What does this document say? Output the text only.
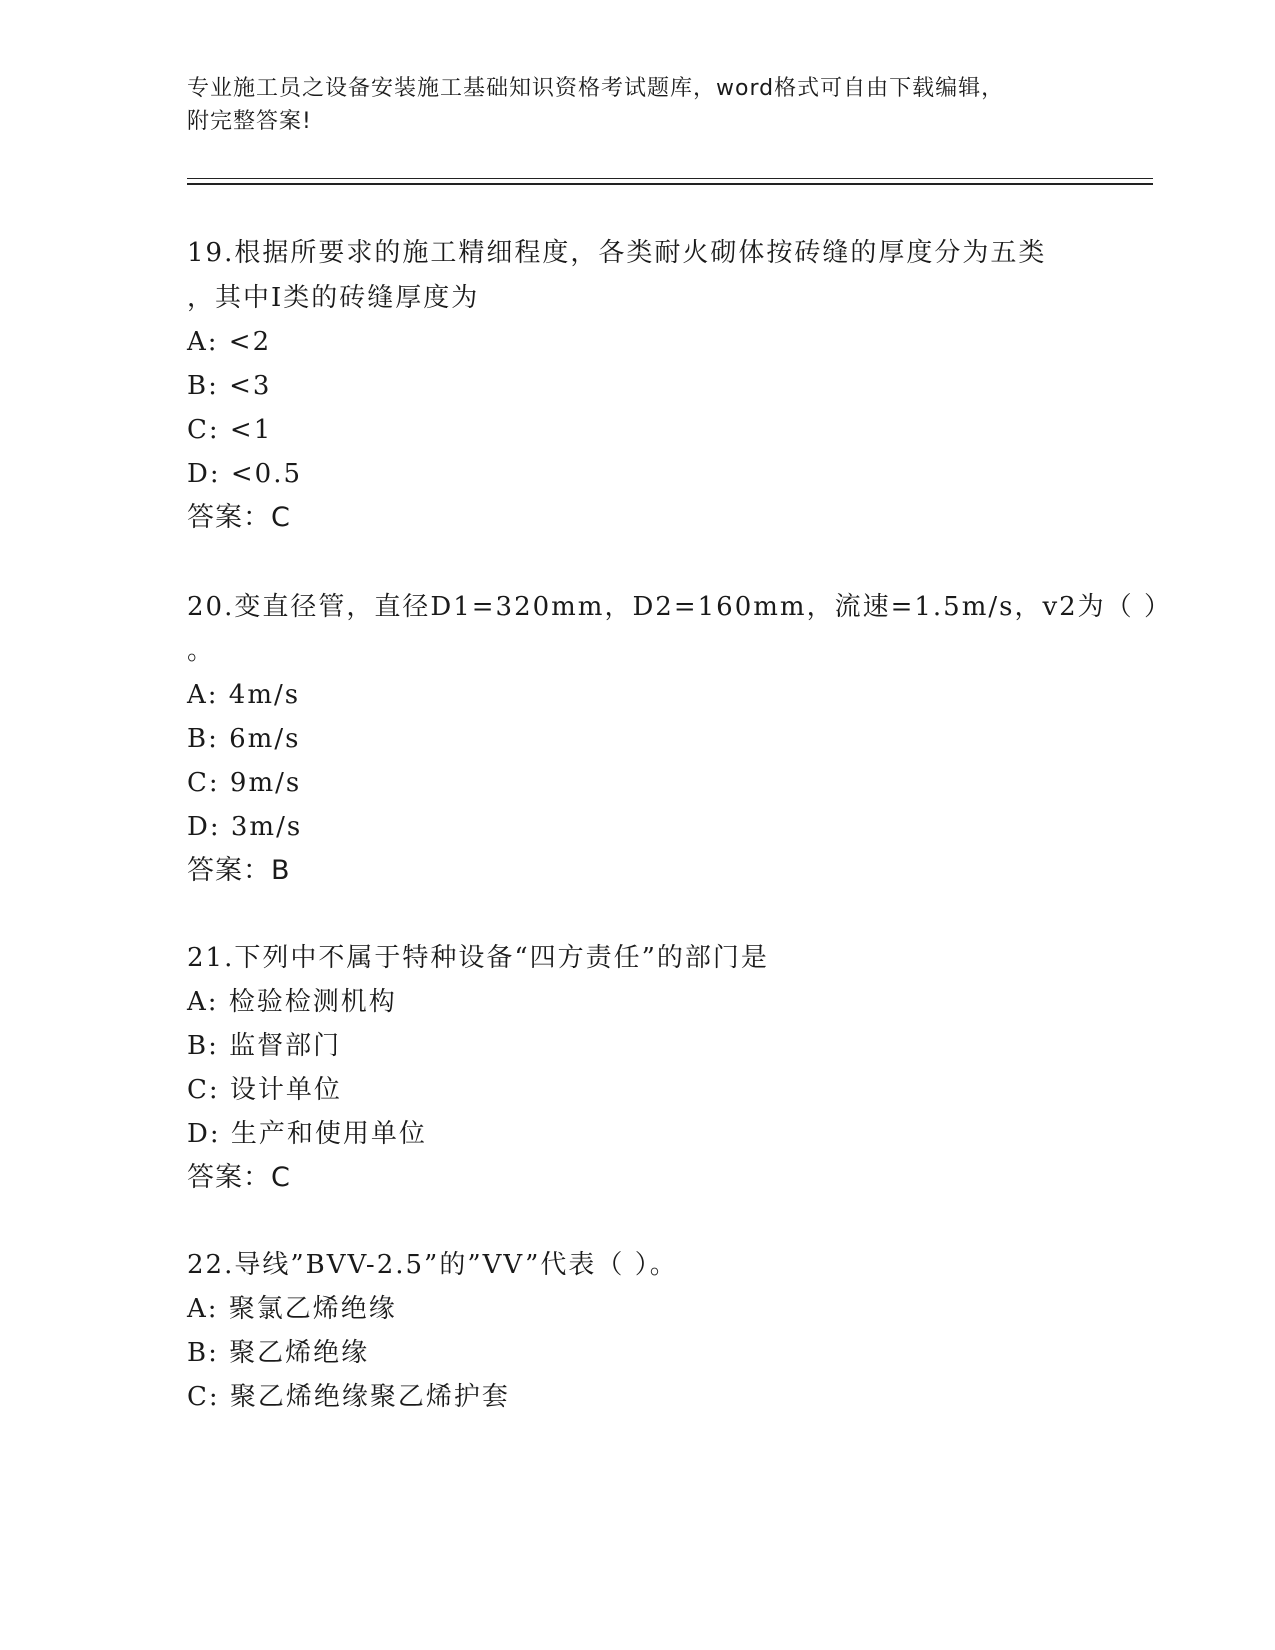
专业施工员之设备安装施工基础知识资格考试题库，word格式可自由下载编辑，
附完整答案!
19.根据所要求的施工精细程度，各类耐火砌体按砖缝的厚度分为五类
，其中Ⅰ类的砖缝厚度为
A: <2
B: <3
C: <1
D: <0.5
答案：C
20.变直径管，直径D1=320mm，D2=160mm，流速=1.5m/s，v2为（ ）
。
A: 4m/s
B: 6m/s
C: 9m/s
D: 3m/s
答案：B
21.下列中不属于特种设备“四方责任”的部门是
A: 检验检测机构
B: 监督部门
C: 设计单位
D: 生产和使用单位
答案：C
22.导线”BVV-2.5”的”VV”代表（ ）。
A: 聚氯乙烯绝缘
B: 聚乙烯绝缘
C: 聚乙烯绝缘聚乙烯护套
